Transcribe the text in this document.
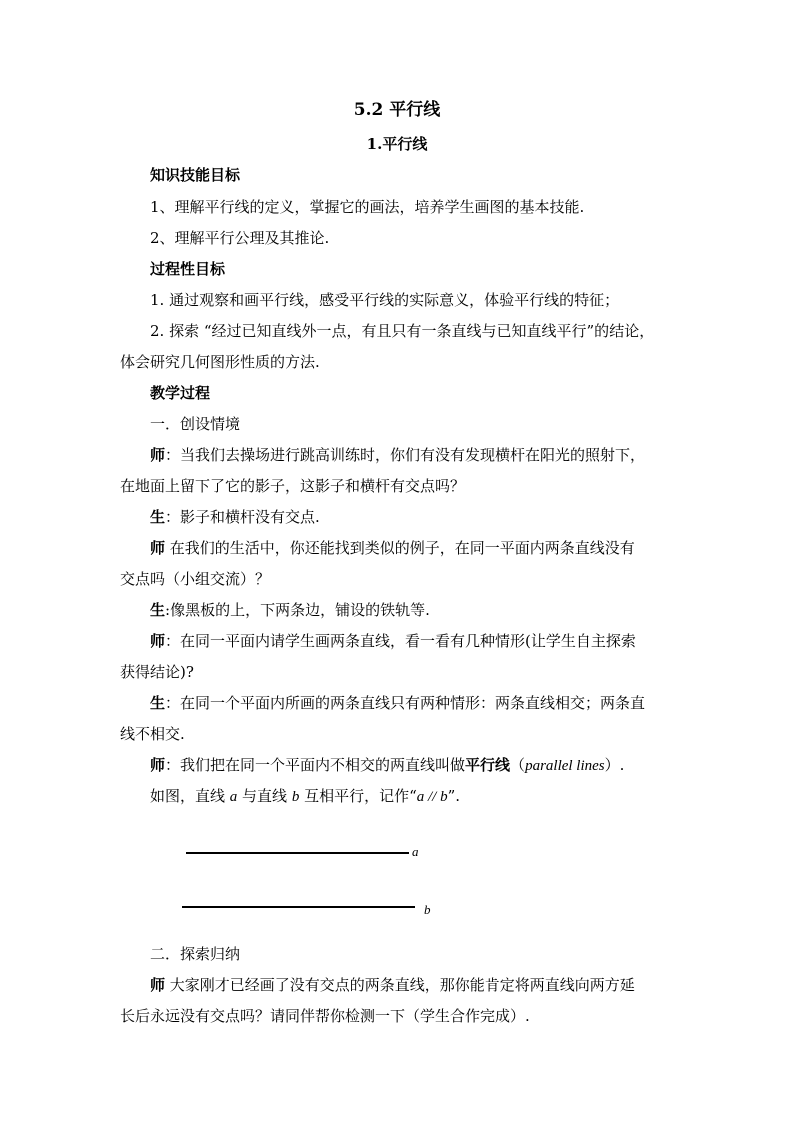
5.2 平行线
1.平行线
知识技能目标
1、理解平行线的定义，掌握它的画法，培养学生画图的基本技能.
2、理解平行公理及其推论.
过程性目标
1. 通过观察和画平行线，感受平行线的实际意义，体验平行线的特征；
2. 探索 “经过已知直线外一点，有且只有一条直线与已知直线平行”的结论，
体会研究几何图形性质的方法.
教学过程
一．创设情境
师：当我们去操场进行跳高训练时，你们有没有发现横杆在阳光的照射下，
在地面上留下了它的影子，这影子和横杆有交点吗？
生：影子和横杆没有交点.
师 在我们的生活中，你还能找到类似的例子，在同一平面内两条直线没有
交点吗（小组交流）？
生:像黑板的上，下两条边，铺设的铁轨等.
师：在同一平面内请学生画两条直线，看一看有几种情形(让学生自主探索
获得结论)?
生：在同一个平面内所画的两条直线只有两种情形：两条直线相交；两条直
线不相交.
师：我们把在同一个平面内不相交的两直线叫做平行线（parallel lines）.
如图，直线 a 与直线 b 互相平行，记作“a // b”.
a
b
二．探索归纳
师 大家刚才已经画了没有交点的两条直线，那你能肯定将两直线向两方延
长后永远没有交点吗？请同伴帮你检测一下（学生合作完成）.
